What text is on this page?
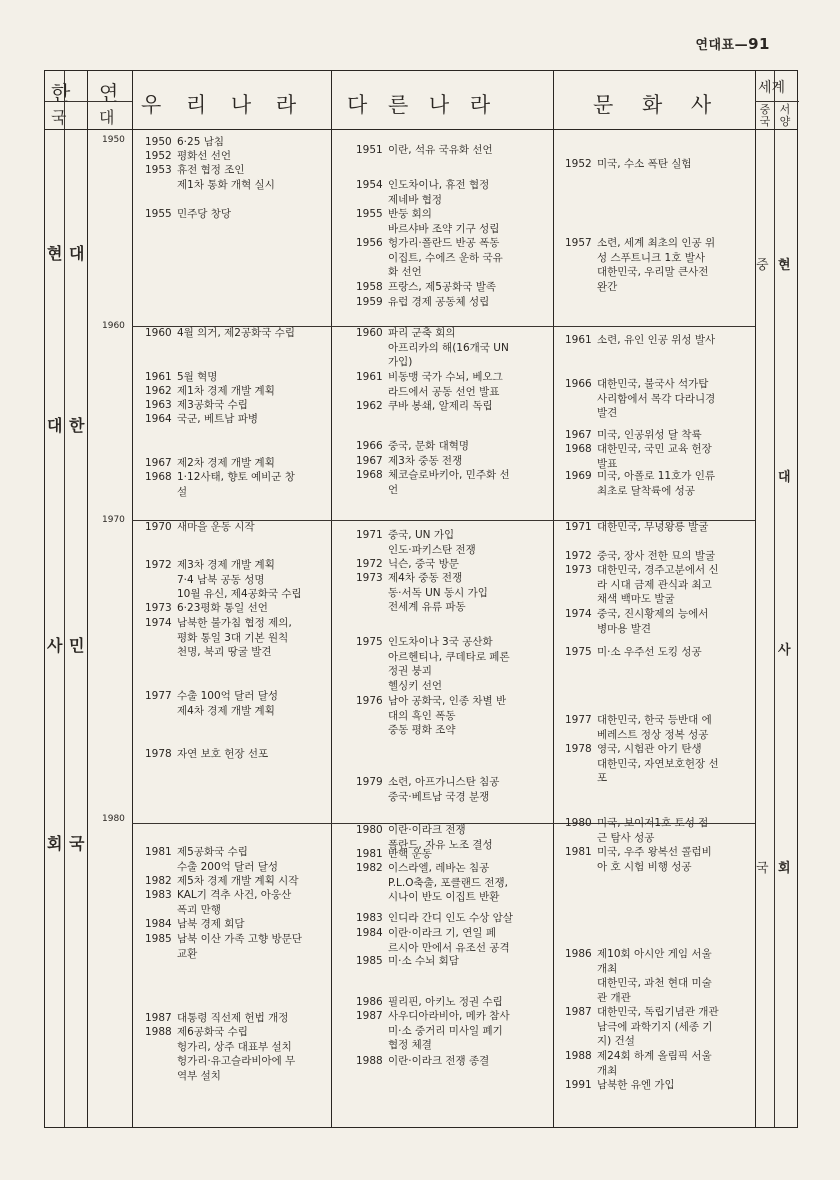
연대표—91
한
국
연
대
우 리 나 라 다 른 나 라	문 화 사
세계
중
국
서
양
현 대
대 한
사 민
회 국
1950
1960
1970
1980
중
국
현
대
사
회
1950 6·25 남침
1952 평화선 선언
1953 휴전 협정 조인
제1차 통화 개혁 실시
1955 민주당 창당
1960 4월 의거, 제2공화국 수립
1961 5월 혁명
1962 제1차 경제 개발 계획
1963 제3공화국 수립
1964 국군, 베트남 파병
1967 제2차 경제 개발 계획
1968 1·12사태, 향토 예비군 창
설
1970 새마을 운동 시작
1972 제3차 경제 개발 계획
7·4 남북 공동 성명
10월 유신, 제4공화국 수립
1973 6·23평화 통일 선언
1974 남북한 불가침 협정 제의,
평화 통일 3대 기본 원칙
천명, 북괴 땅굴 발견
1977 수출 100억 달러 달성
제4차 경제 개발 계획
1978 자연 보호 헌장 선포
1981 제5공화국 수립
수출 200억 달러 달성
1982 제5차 경제 개발 계획 시작
1983 KAL기 격추 사건, 아웅산
폭괴 만행
1984 남북 경제 회담
1985 남북 이산 가족 고향 방문단
교환
1987 대통령 직선제 헌법 개정
1988 제6공화국 수립
헝가리, 상주 대표부 설치
헝가리·유고슬라비아에 무
역부 설치
1951 이란, 석유 국유화 선언
1954 인도차이나, 휴전 협정
제네바 협정
1955 반둥 회의
바르샤바 조약 기구 성립
1956 헝가리·폴란드 반공 폭동
이집트, 수에즈 운하 국유
화 선언
1958 프랑스, 제5공화국 발족
1959 유럽 경제 공동체 성립
1960 파리 군축 회의
아프리카의 해(16개국 UN
가입)
1961 비동맹 국가 수뇌, 베오그
라드에서 공동 선언 발표
1962 쿠바 봉쇄, 알제리 독립
1966 중국, 문화 대혁명
1967 제3차 중동 전쟁
1968 체코슬로바키아, 민주화 선
언
1971 중국, UN 가입
인도·파키스탄 전쟁
1972 닉슨, 중국 방문
1973 제4차 중동 전쟁
동·서독 UN 동시 가입
전세계 유류 파동
1975 인도차이나 3국 공산화
아르헨티나, 쿠데타로 페론
정권 붕괴
헬싱키 선언
1976 남아 공화국, 인종 차별 반
대의 흑인 폭동
중동 평화 조약
1979 소련, 아프가니스탄 침공
중국·베트남 국경 분쟁
1980 이란·이라크 전쟁
폴란드, 자유 노조 결성
1981 반핵 운동
1982 이스라엘, 레바논 침공
P.L.O축출, 포클랜드 전쟁,
시나이 반도 이집트 반환
1983 인디라 간디 인도 수상 암살
1984 이란·이라크 기, 연일 페
르시아 만에서 유조선 공격
1985 미·소 수뇌 회담
1986 필리핀, 아키노 정권 수립
1987 사우디아라비아, 메카 참사
미·소 중거리 미사일 폐기
협정 체결
1988 이란·이라크 전쟁 종결
1952 미국, 수소 폭탄 실험
1957 소련, 세계 최초의 인공 위
성 스푸트니크 1호 발사
대한민국, 우리말 큰사전
완간
1961 소련, 유인 인공 위성 발사
1966 대한민국, 불국사 석가탑
사리함에서 목각 다라니경
발견
1967 미국, 인공위성 달 착륙
1968 대한민국, 국민 교육 헌장
발표
1969 미국, 아폴로 11호가 인류
최초로 달착륙에 성공
1971 대한민국, 무녕왕릉 발굴
1972 중국, 장사 전한 묘의 발굴
1973 대한민국, 경주고분에서 신
라 시대 금제 관식과 최고
채색 백마도 발굴
1974 중국, 진시황제의 능에서
병마용 발견
1975 미·소 우주선 도킹 성공
1977 대한민국, 한국 등반대 에
베레스트 정상 정복 성공
1978 영국, 시험관 아기 탄생
대한민국, 자연보호헌장 선
포
1980 미국, 보이저1호 토성 접
근 탐사 성공
1981 미국, 우주 왕복선 콜럼비
아 호 시험 비행 성공
1986 제10회 아시안 게임 서울
개최
대한민국, 과천 현대 미술
관 개관
1987 대한민국, 독립기념관 개관
남극에 과학기지 (세종 기
지) 건설
1988 제24회 하계 올림픽 서울
개최
1991 남북한 유엔 가입
